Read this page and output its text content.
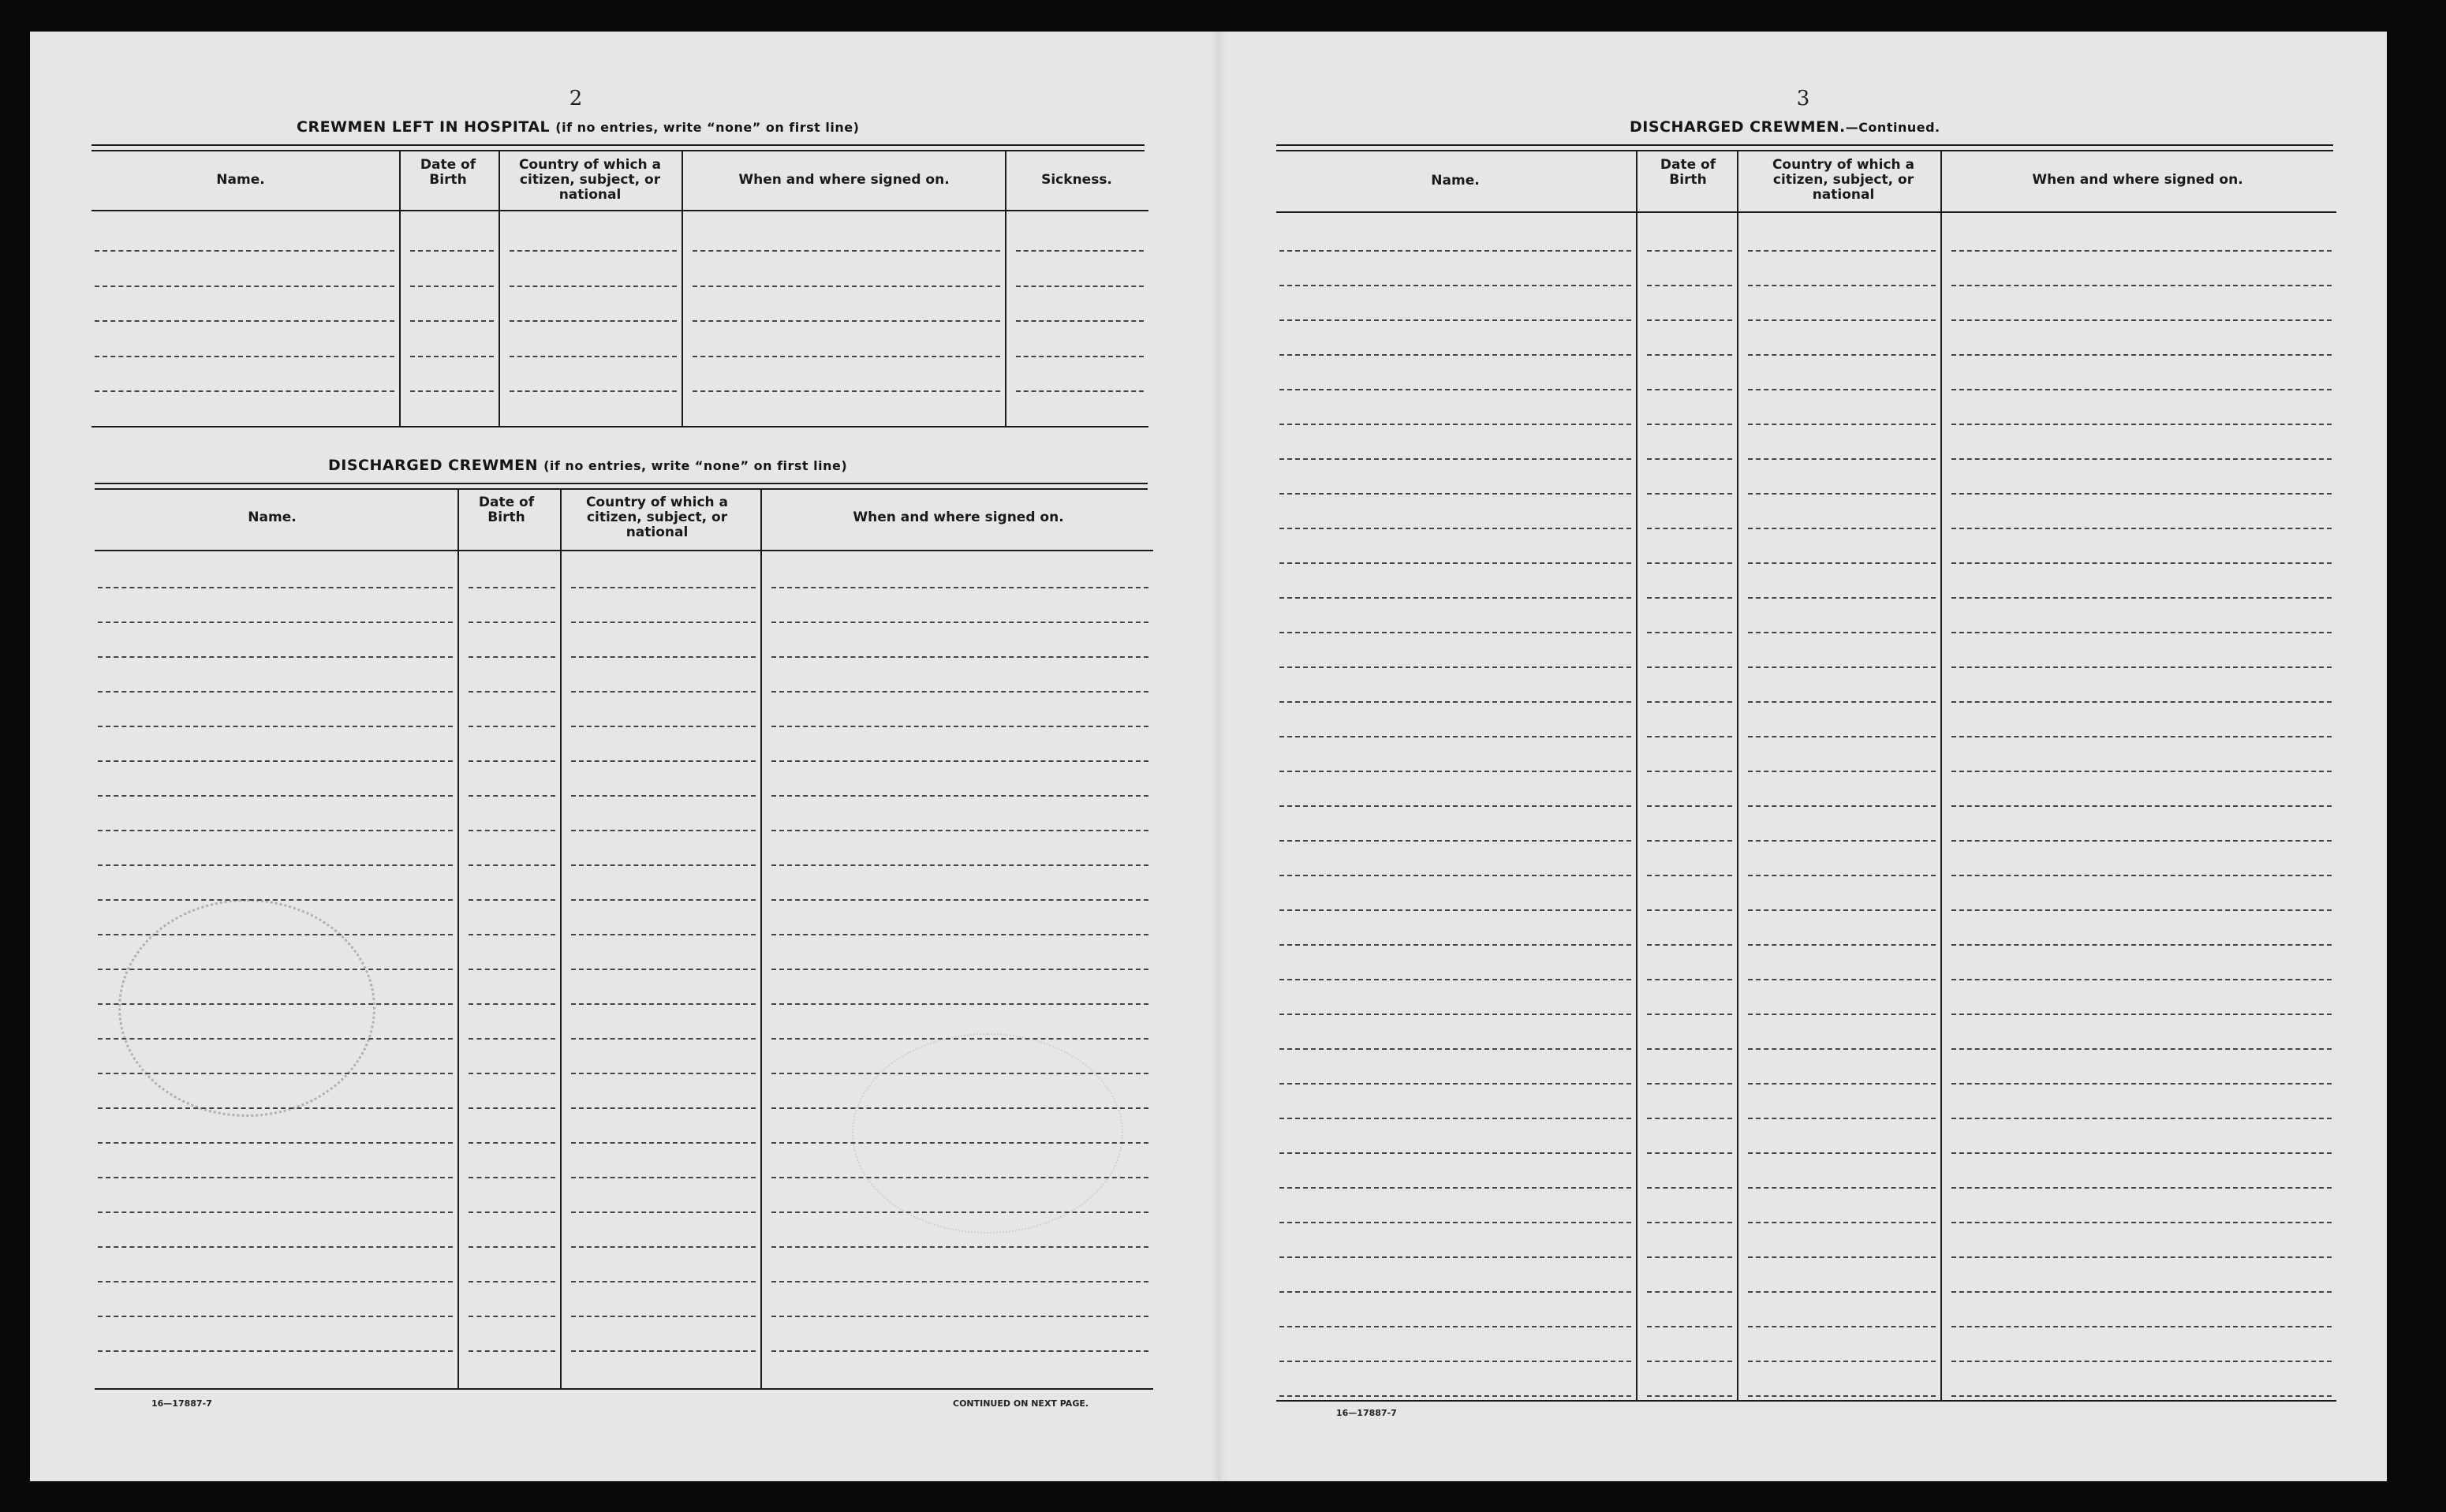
2
CREWMEN LEFT IN HOSPITAL (if no entries, write “none” on first line)
Name.
Date of Birth
Country of which a citizen, subject, or national
When and where signed on.	Sickness.
DISCHARGED CREWMEN (if no entries, write “none” on first line)
Name.
Date of Birth
Country of which a citizen, subject, or national
When and where signed on.
16—17887-7	CONTINUED ON NEXT PAGE.
3
DISCHARGED CREWMEN.—Continued.
Name.
Date of Birth
Country of which a citizen, subject, or national
When and where signed on.
16—17887-7
